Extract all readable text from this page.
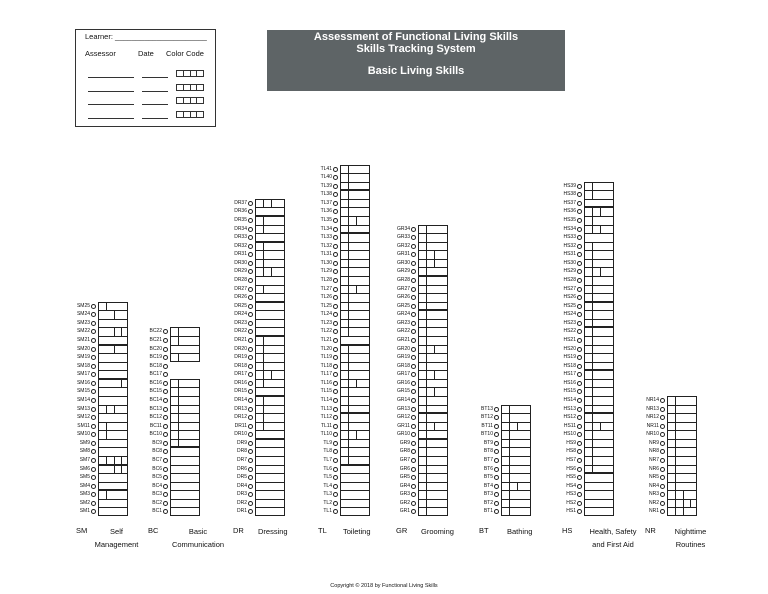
Learner: ______________________
Assessor	Date Color Code
Assessment of Functional Living Skills
Skills Tracking System
Basic Living Skills
SM1
SM2
SM3
SM4
SM5
SM6
SM7
SM8
SM9
SM10
SM11
SM12
SM13
SM14
SM15
SM16
SM17
SM18
SM19
SM20
SM21
SM22
SM23
SM24
SM25
SM	Self Management
BC1
BC2
BC3
BC4
BC5
BC6
BC7
BC8
BC9
BC10
BC11
BC12
BC13
BC14
BC15
BC16
BC17
BC18
BC19
BC20
BC21
BC22
BC	Basic Communication
DR1
DR2
DR3
DR4
DR5
DR6
DR7
DR8
DR9
DR10
DR11
DR12
DR13
DR14
DR15
DR16
DR17
DR18
DR19
DR20
DR21
DR22
DR23
DR24
DR25
DR26
DR27
DR28
DR29
DR30
DR31
DR32
DR33
DR34
DR35
DR36
DR37
DR Dressing
TL1
TL2
TL3
TL4
TL5
TL6
TL7
TL8
TL9
TL10
TL11
TL12
TL13
TL14
TL15
TL16
TL17
TL18
TL19
TL20
TL21
TL22
TL23
TL24
TL25
TL26
TL27
TL28
TL29
TL30
TL31
TL32
TL33
TL34
TL35
TL36
TL37
TL38
TL39
TL40
TL41
TL Toileting
GR1
GR2
GR3
GR4
GR5
GR6
GR7
GR8
GR9
GR10
GR11
GR12
GR13
GR14
GR15
GR16
GR17
GR18
GR19
GR20
GR21
GR22
GR23
GR24
GR25
GR26
GR27
GR28
GR29
GR30
GR31
GR32
GR33
GR34
GR Grooming
BT1
BT2
BT3
BT4
BT5
BT6
BT7
BT8
BT9
BT10
BT11
BT12
BT13
BT Bathing
HS1
HS2
HS3
HS4
HS5
HS6
HS7
HS8
HS9
HS10
HS11
HS12
HS13
HS14
HS15
HS16
HS17
HS18
HS19
HS20
HS21
HS22
HS23
HS24
HS25
HS26
HS27
HS28
HS29
HS30
HS31
HS32
HS33
HS34
HS35
HS36
HS37
HS38
HS39
HS	Health, Safety and First Aid
NR1
NR2
NR3
NR4
NR5
NR6
NR7
NR8
NR9
NR10
NR11
NR12
NR13
NR14
NR	Nighttime Routines
Copyright © 2018 by Functional Living Skills
